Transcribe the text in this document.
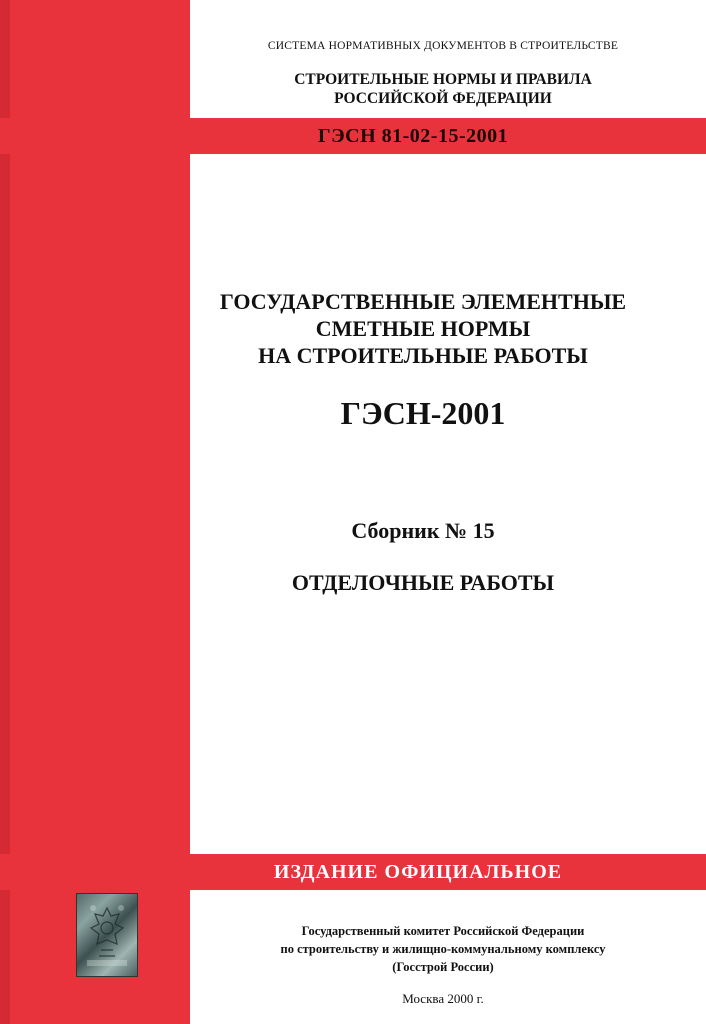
СИСТЕМА НОРМАТИВНЫХ ДОКУМЕНТОВ В СТРОИТЕЛЬСТВЕ
СТРОИТЕЛЬНЫЕ НОРМЫ И ПРАВИЛА
РОССИЙСКОЙ ФЕДЕРАЦИИ
ГЭСН 81-02-15-2001
ГОСУДАРСТВЕННЫЕ ЭЛЕМЕНТНЫЕ
СМЕТНЫЕ НОРМЫ
НА СТРОИТЕЛЬНЫЕ РАБОТЫ
ГЭСН-2001
Сборник № 15
ОТДЕЛОЧНЫЕ РАБОТЫ
ИЗДАНИЕ ОФИЦИАЛЬНОЕ
Государственный комитет Российской Федерации
по строительству и жилищно-коммунальному комплексу
(Госстрой России)
Москва 2000 г.
